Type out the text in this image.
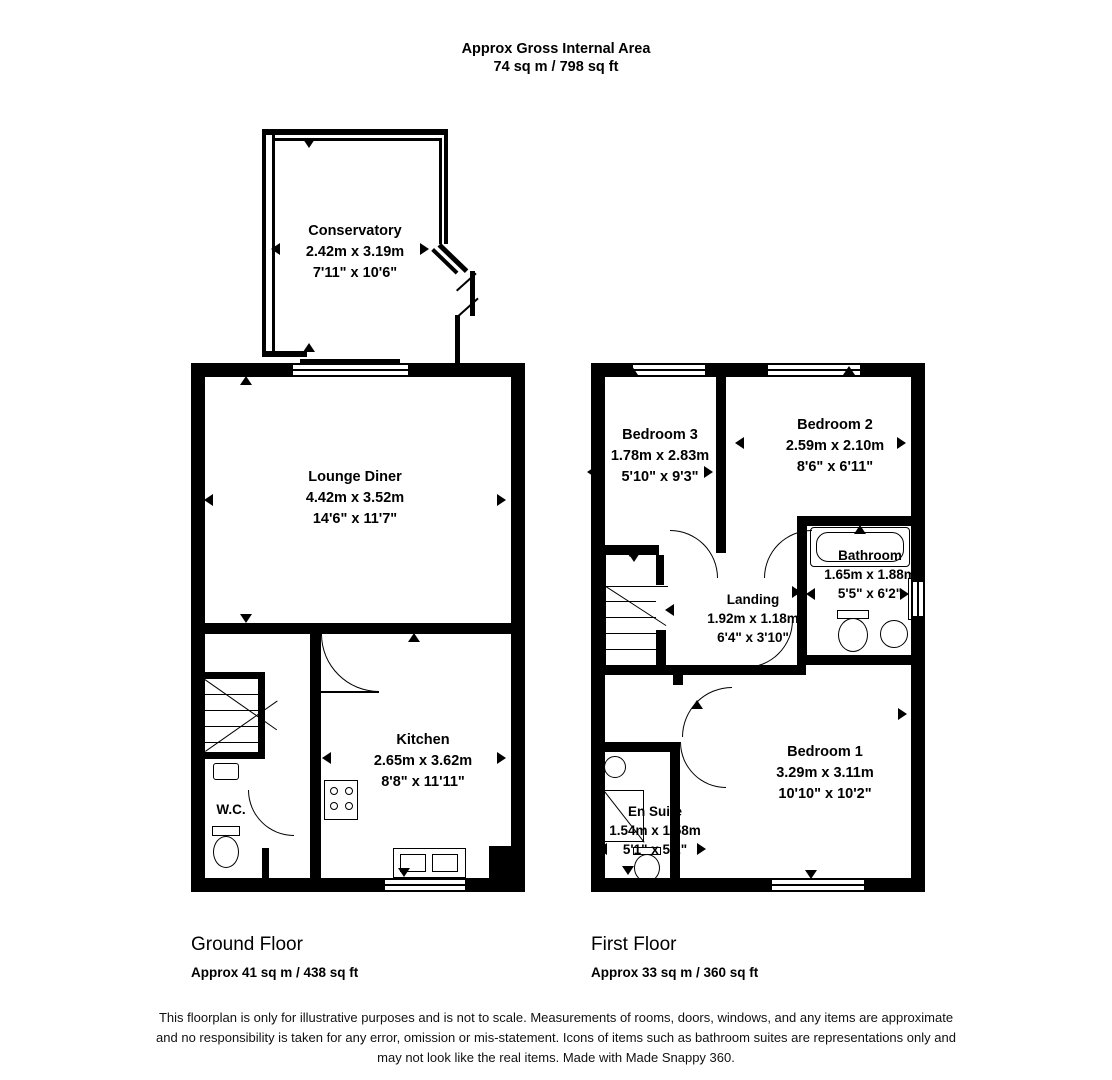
Approx Gross Internal Area
74 sq m / 798 sq ft
Conservatory
2.42m x 3.19m
7'11" x 10'6"
Lounge Diner
4.42m x 3.52m
14'6" x 11'7"
W.C.
Kitchen
2.65m x 3.62m
8'8" x 11'11"
Ground Floor
Approx 41 sq m / 438 sq ft
Bedroom 3
1.78m x 2.83m
5'10" x 9'3"
Bedroom 2
2.59m x 2.10m
8'6" x 6'11"
Bathroom
1.65m x 1.88m
5'5" x 6'2"
Landing
1.92m x 1.18m
6'4" x 3'10"
Bedroom 1
3.29m x 3.11m
10'10" x 10'2"
En Suite
1.54m x 1.58m
5'1" x 5'2"
First Floor
Approx 33 sq m / 360 sq ft
This floorplan is only for illustrative purposes and is not to scale. Measurements of rooms, doors, windows, and any items are approximate
and no responsibility is taken for any error, omission or mis-statement. Icons of items such as bathroom suites are representations only and
may not look like the real items. Made with Made Snappy 360.
